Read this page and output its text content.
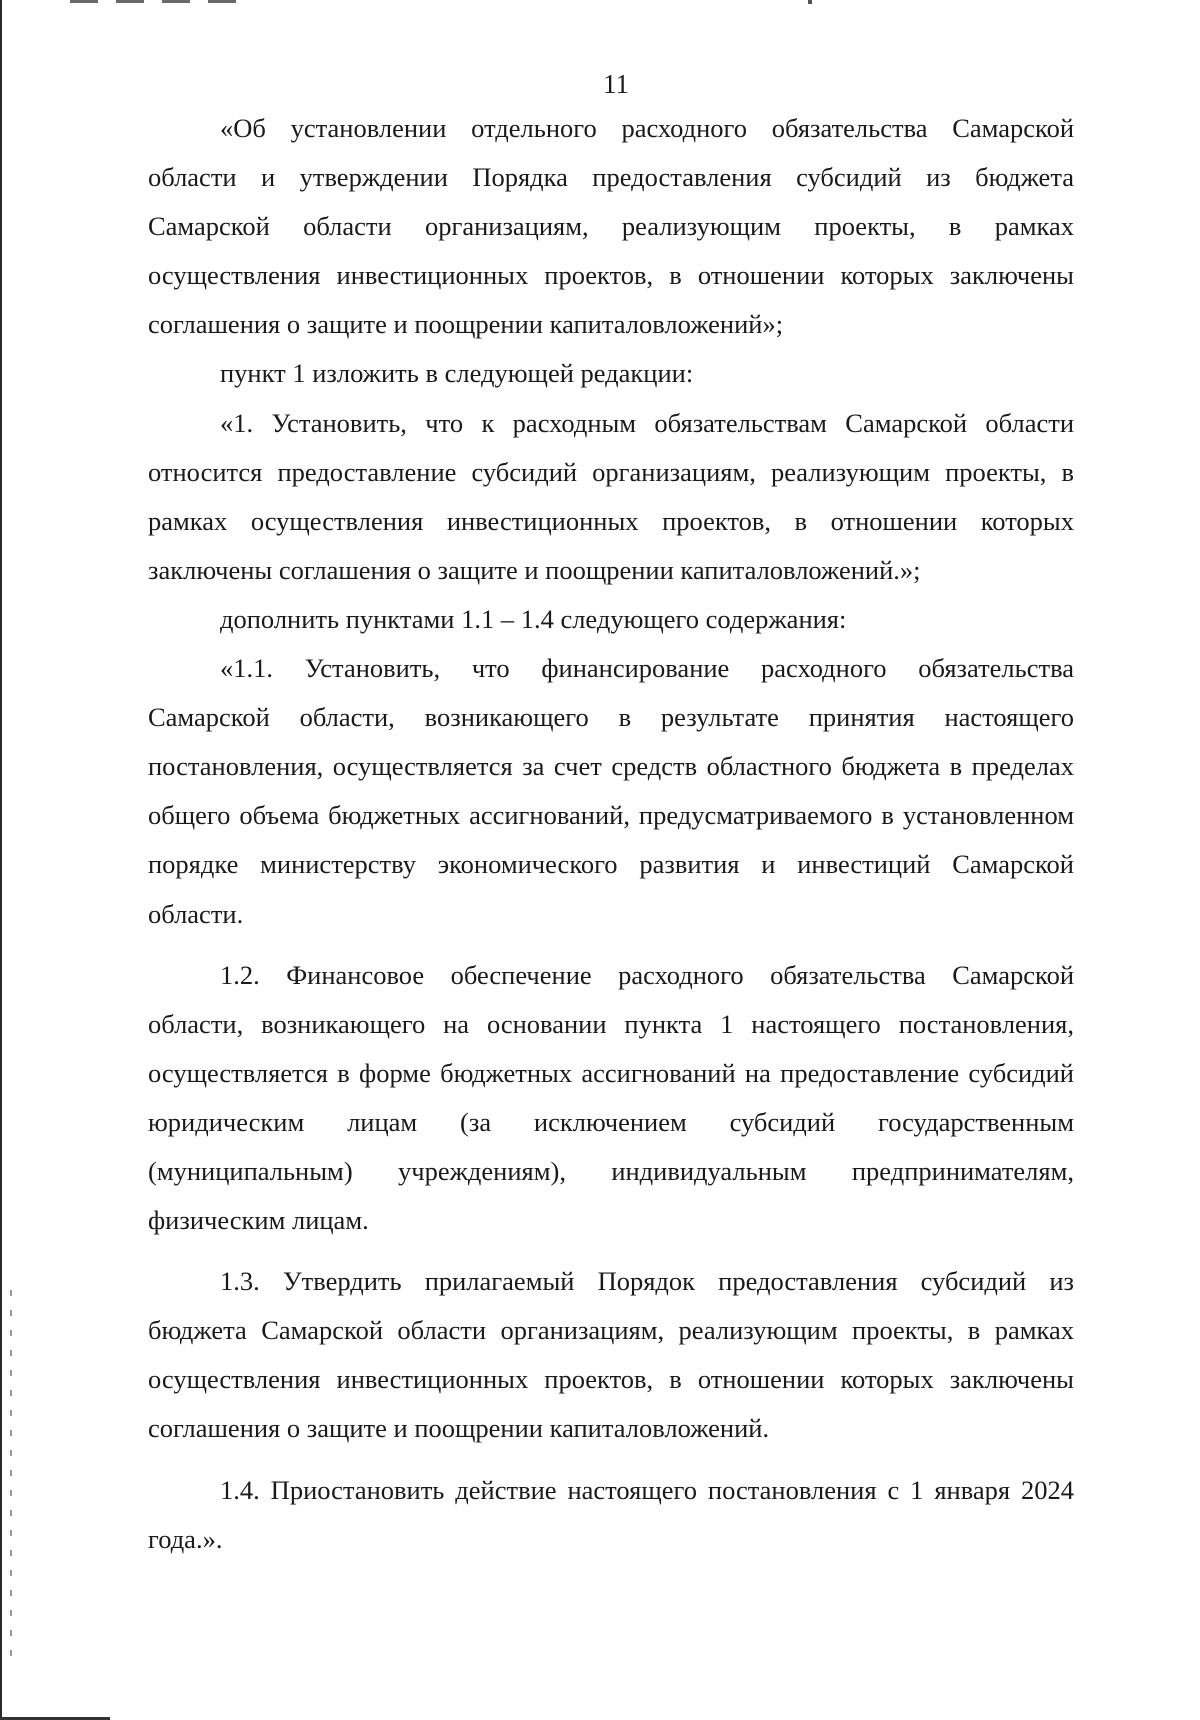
11

«Об установлении отдельного расходного обязательства Самарской области и утверждении Порядка предоставления субсидий из бюджета Самарской области организациям, реализующим проекты, в рамках осуществления инвестиционных проектов, в отношении которых заключены соглашения о защите и поощрении капиталовложений»;

пункт 1 изложить в следующей редакции:

«1. Установить, что к расходным обязательствам Самарской области относится предоставление субсидий организациям, реализующим проекты, в рамках осуществления инвестиционных проектов, в отношении которых заключены соглашения о защите и поощрении капиталовложений.»;

дополнить пунктами 1.1 – 1.4 следующего содержания:

«1.1. Установить, что финансирование расходного обязательства Самарской области, возникающего в результате принятия настоящего постановления, осуществляется за счет средств областного бюджета в пределах общего объема бюджетных ассигнований, предусматриваемого в установленном порядке министерству экономического развития и инвестиций Самарской области.

1.2. Финансовое обеспечение расходного обязательства Самарской области, возникающего на основании пункта 1 настоящего постановления, осуществляется в форме бюджетных ассигнований на предоставление субсидий юридическим лицам (за исключением субсидий государственным (муниципальным) учреждениям), индивидуальным предпринимателям, физическим лицам.

1.3. Утвердить прилагаемый Порядок предоставления субсидий из бюджета Самарской области организациям, реализующим проекты, в рамках осуществления инвестиционных проектов, в отношении которых заключены соглашения о защите и поощрении капиталовложений.

1.4. Приостановить действие настоящего постановления с 1 января 2024 года.».
